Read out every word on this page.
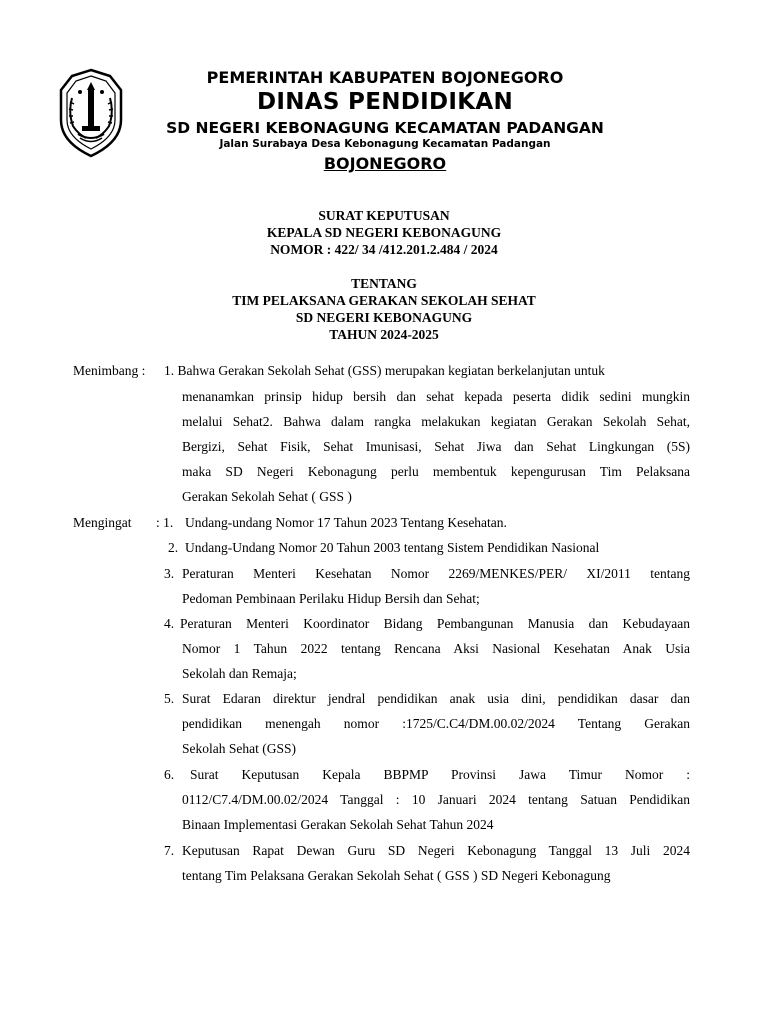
PEMERINTAH KABUPATEN BOJONEGORO
DINAS PENDIDIKAN
SD NEGERI KEBONAGUNG KECAMATAN PADANGAN
Jalan Surabaya Desa Kebonagung Kecamatan Padangan
BOJONEGORO
SURAT KEPUTUSAN
KEPALA SD NEGERI KEBONAGUNG
NOMOR : 422/ 34 /412.201.2.484 / 2024
TENTANG
TIM PELAKSANA GERAKAN SEKOLAH SEHAT
SD NEGERI KEBONAGUNG
TAHUN 2024-2025
Menimbang : 1. Bahwa Gerakan Sekolah Sehat (GSS) merupakan kegiatan berkelanjutan untuk
menanamkan prinsip hidup bersih dan sehat kepada peserta didik sedini mungkin
melalui Sehat2. Bahwa dalam rangka melakukan kegiatan Gerakan Sekolah Sehat,
Bergizi, Sehat Fisik, Sehat Imunisasi, Sehat Jiwa dan Sehat Lingkungan (5S)
maka SD Negeri Kebonagung perlu membentuk kepengurusan Tim Pelaksana
Gerakan Sekolah Sehat ( GSS )
Mengingat : 1. Undang-undang Nomor 17 Tahun 2023 Tentang Kesehatan.
2. Undang-Undang Nomor 20 Tahun 2003 tentang Sistem Pendidikan Nasional
3. Peraturan Menteri Kesehatan Nomor 2269/MENKES/PER/ XI/2011 tentang
Pedoman Pembinaan Perilaku Hidup Bersih dan Sehat;
4. Peraturan Menteri Koordinator Bidang Pembangunan Manusia dan Kebudayaan
Nomor 1 Tahun 2022 tentang Rencana Aksi Nasional Kesehatan Anak Usia
Sekolah dan Remaja;
5. Surat Edaran direktur jendral pendidikan anak usia dini, pendidikan dasar dan
pendidikan menengah nomor :1725/C.C4/DM.00.02/2024 Tentang Gerakan
Sekolah Sehat (GSS)
6. Surat Keputusan Kepala BBPMP Provinsi Jawa Timur Nomor :
0112/C7.4/DM.00.02/2024 Tanggal : 10 Januari 2024 tentang Satuan Pendidikan
Binaan Implementasi Gerakan Sekolah Sehat Tahun 2024
7. Keputusan Rapat Dewan Guru SD Negeri Kebonagung Tanggal 13 Juli 2024
tentang Tim Pelaksana Gerakan Sekolah Sehat ( GSS ) SD Negeri Kebonagung
